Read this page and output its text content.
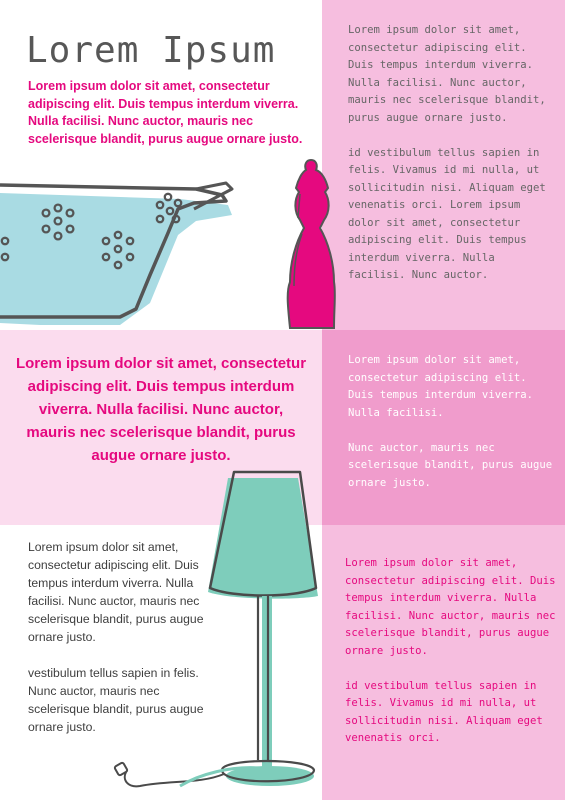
Lorem Ipsum

Lorem ipsum dolor sit amet, consectetur adipiscing elit. Duis tempus interdum viverra. Nulla facilisi. Nunc auctor, mauris nec scelerisque blandit, purus augue ornare justo.

Lorem ipsum dolor sit amet, consectetur adipiscing elit. Duis tempus interdum viverra. Nulla facilisi. Nunc auctor, mauris nec scelerisque blandit, purus augue ornare justo.

id vestibulum tellus sapien in felis. Vivamus id mi nulla, ut sollicitudin nisi. Aliquam eget venenatis orci. Lorem ipsum dolor sit amet, consectetur adipiscing elit. Duis tempus interdum viverra. Nulla facilisi. Nunc auctor.

Lorem ipsum dolor sit amet, consectetur adipiscing elit. Duis tempus interdum viverra. Nulla facilisi. Nunc auctor, mauris nec scelerisque blandit, purus augue ornare justo.

Lorem ipsum dolor sit amet, consectetur adipiscing elit. Duis tempus interdum viverra. Nulla facilisi.

Nunc auctor, mauris nec scelerisque blandit, purus augue ornare justo.

Lorem ipsum dolor sit amet, consectetur adipiscing elit. Duis tempus interdum viverra. Nulla facilisi. Nunc auctor, mauris nec scelerisque blandit, purus augue ornare justo.

vestibulum tellus sapien in felis. Nunc auctor, mauris nec scelerisque blandit, purus augue ornare justo.

Lorem ipsum dolor sit amet, consectetur adipiscing elit. Duis tempus interdum viverra. Nulla facilisi. Nunc auctor, mauris nec scelerisque blandit, purus augue ornare justo.

id vestibulum tellus sapien in felis. Vivamus id mi nulla, ut sollicitudin nisi. Aliquam eget venenatis orci.
